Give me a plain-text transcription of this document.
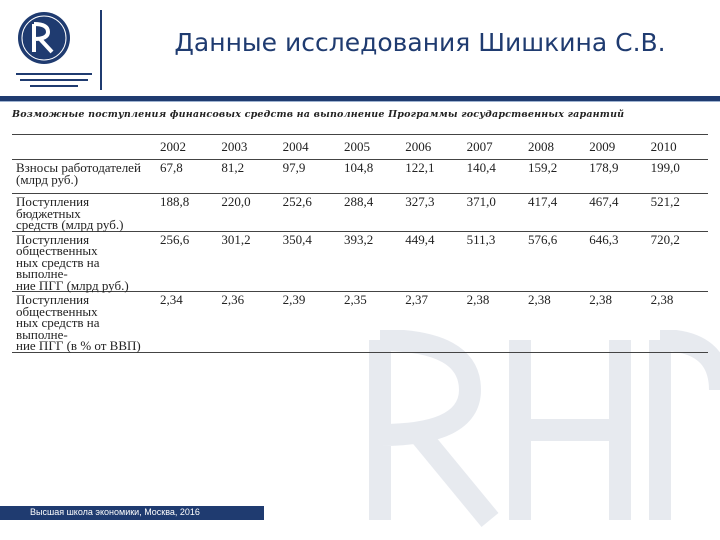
Данные исследования Шишкина С.В.
Возможные поступления финансовых средств на выполнение Программы государственных гарантий
	2002	2003	2004	2005	2006	2007	2008	2009	2010

Взносы работодателей
(млрд руб.)	67,8	81,2	97,9	104,8	122,1	140,4	159,2	178,9	199,0

Поступления бюджетных
средств (млрд руб.)	188,8	220,0	252,6	288,4	327,3	371,0	417,4	467,4	521,2

Поступления общественных
ных средств на выполне-
ние ПГГ (млрд руб.)	256,6	301,2	350,4	393,2	449,4	511,3	576,6	646,3	720,2

Поступления общественных
ных средств на выполне-
ние ПГГ (в % от ВВП)	2,34	2,36	2,39	2,35	2,37	2,38	2,38	2,38	2,38
Высшая школа экономики, Москва, 2016
